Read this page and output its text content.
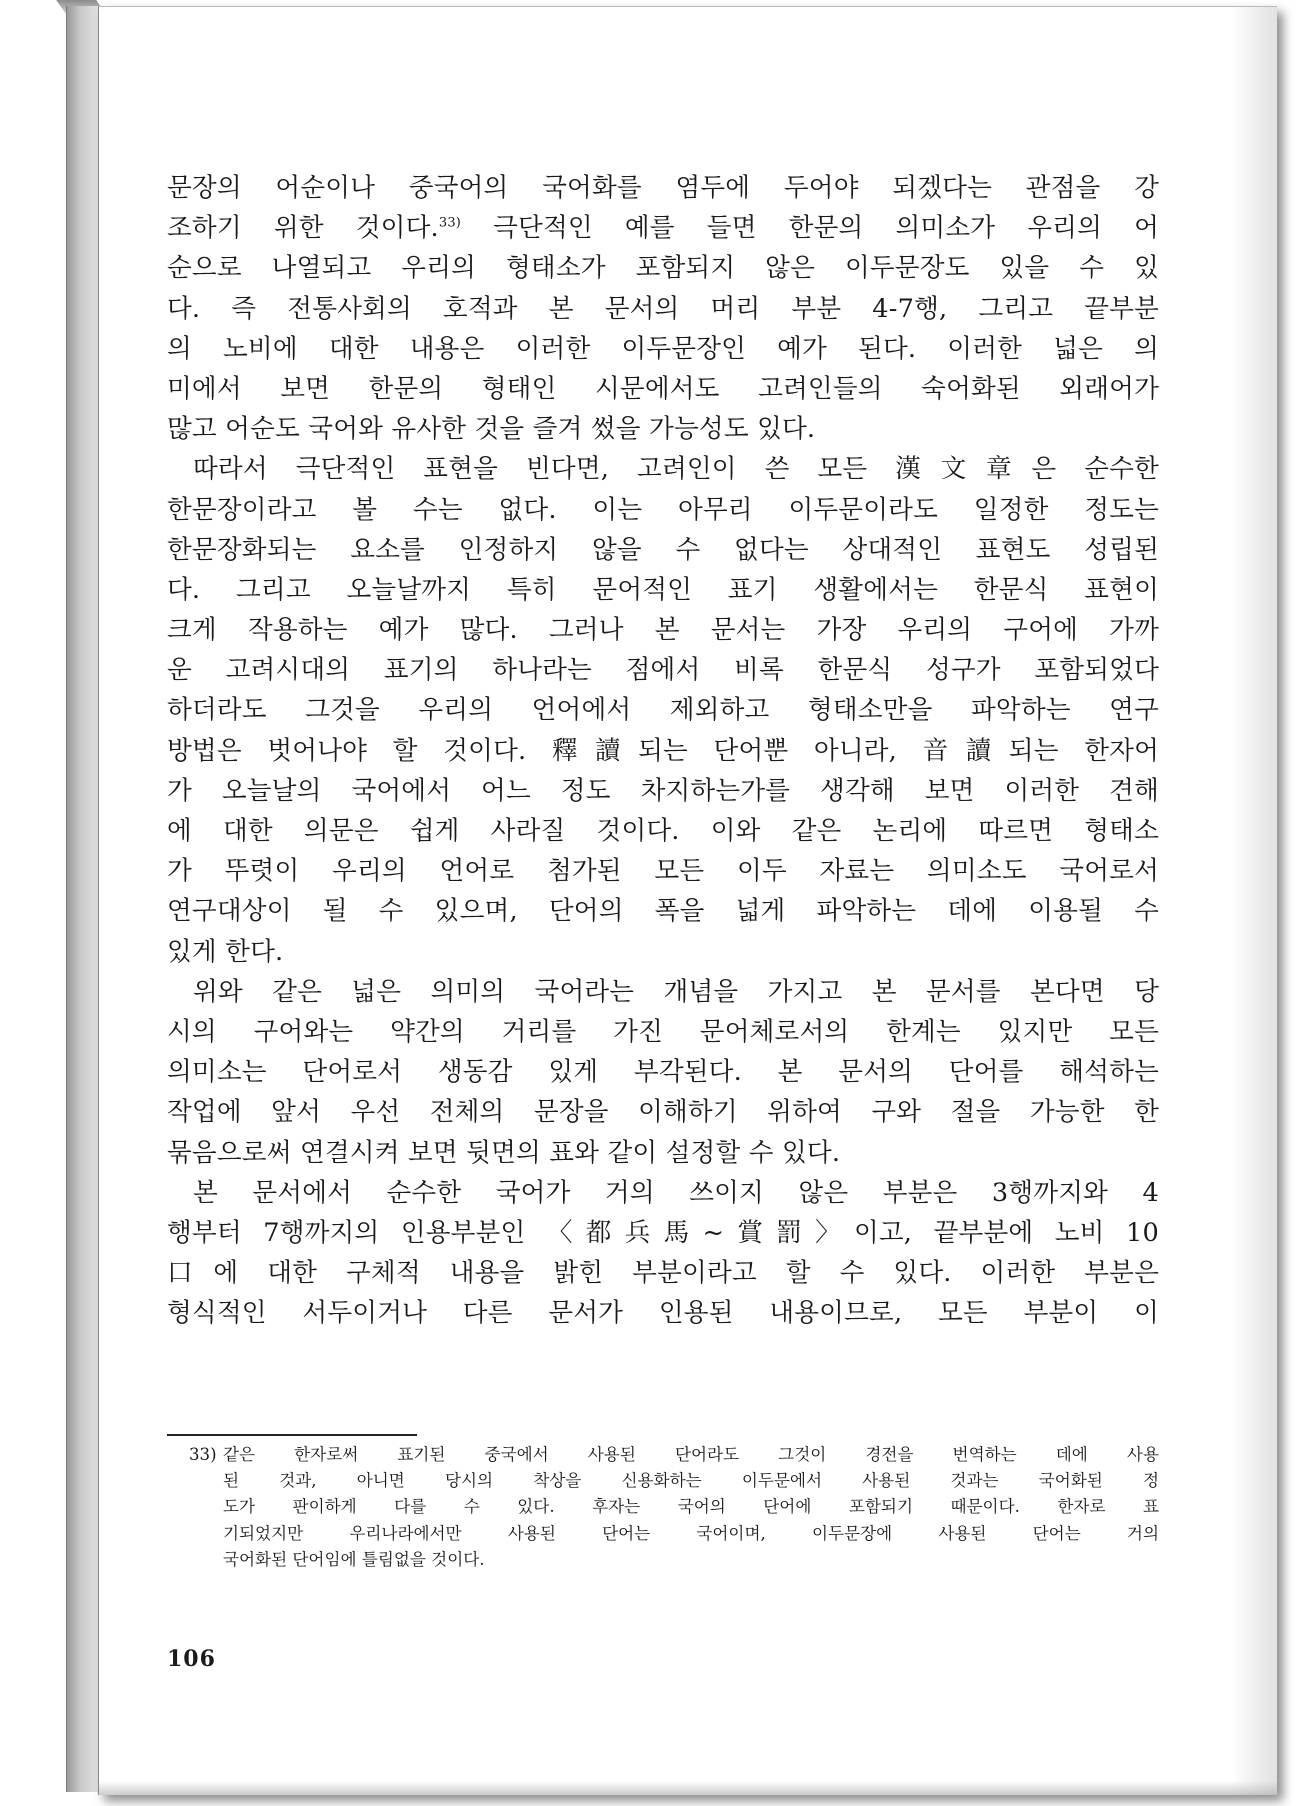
문장의 어순이나 중국어의 국어화를 염두에 두어야 되겠다는 관점을 강

조하기 위한 것이다.$^{33)}$ 극단적인 예를 들면 한문의 의미소가 우리의 어

순으로 나열되고 우리의 형태소가 포함되지 않은 이두문장도 있을 수 있

다. 즉 전통사회의 호적과 본 문서의 머리 부분 4-7행, 그리고 끝부분

의 노비에 대한 내용은 이러한 이두문장인 예가 된다. 이러한 넓은 의

미에서 보면 한문의 형태인 시문에서도 고려인들의 숙어화된 외래어가

많고 어순도 국어와 유사한 것을 즐겨 썼을 가능성도 있다.

따라서 극단적인 표현을 빈다면, 고려인이 쓴 모든 漢文章은 순수한

한문장이라고 볼 수는 없다. 이는 아무리 이두문이라도 일정한 정도는

한문장화되는 요소를 인정하지 않을 수 없다는 상대적인 표현도 성립된

다. 그리고 오늘날까지 특히 문어적인 표기 생활에서는 한문식 표현이

크게 작용하는 예가 많다. 그러나 본 문서는 가장 우리의 구어에 가까

운 고려시대의 표기의 하나라는 점에서 비록 한문식 성구가 포함되었다

하더라도 그것을 우리의 언어에서 제외하고 형태소만을 파악하는 연구

방법은 벗어나야 할 것이다. 釋讀되는 단어뿐 아니라, 音讀되는 한자어

가 오늘날의 국어에서 어느 정도 차지하는가를 생각해 보면 이러한 견해

에 대한 의문은 쉽게 사라질 것이다. 이와 같은 논리에 따르면 형태소

가 뚜렷이 우리의 언어로 첨가된 모든 이두 자료는 의미소도 국어로서

연구대상이 될 수 있으며, 단어의 폭을 넓게 파악하는 데에 이용될 수

있게 한다.

위와 같은 넓은 의미의 국어라는 개념을 가지고 본 문서를 본다면 당

시의 구어와는 약간의 거리를 가진 문어체로서의 한계는 있지만 모든

의미소는 단어로서 생동감 있게 부각된다. 본 문서의 단어를 해석하는

작업에 앞서 우선 전체의 문장을 이해하기 위하여 구와 절을 가능한 한

묶음으로써 연결시켜 보면 뒷면의 표와 같이 설정할 수 있다.

본 문서에서 순수한 국어가 거의 쓰이지 않은 부분은 3행까지와 4

행부터 7행까지의 인용부분인 〈都兵馬~賞罰〉이고, 끝부분에 노비 10

口에 대한 구체적 내용을 밝힌 부분이라고 할 수 있다. 이러한 부분은

형식적인 서두이거나 다른 문서가 인용된 내용이므로, 모든 부분이 이

33) 같은 한자로써 표기된 중국에서 사용된 단어라도 그것이 경전을 번역하는 데에 사용

된 것과, 아니면 당시의 착상을 신용화하는 이두문에서 사용된 것과는 국어화된 정

도가 판이하게 다를 수 있다. 후자는 국어의 단어에 포함되기 때문이다. 한자로 표

기되었지만 우리나라에서만 사용된 단어는 국어이며, 이두문장에 사용된 단어는 거의

국어화된 단어임에 틀림없을 것이다.

106
